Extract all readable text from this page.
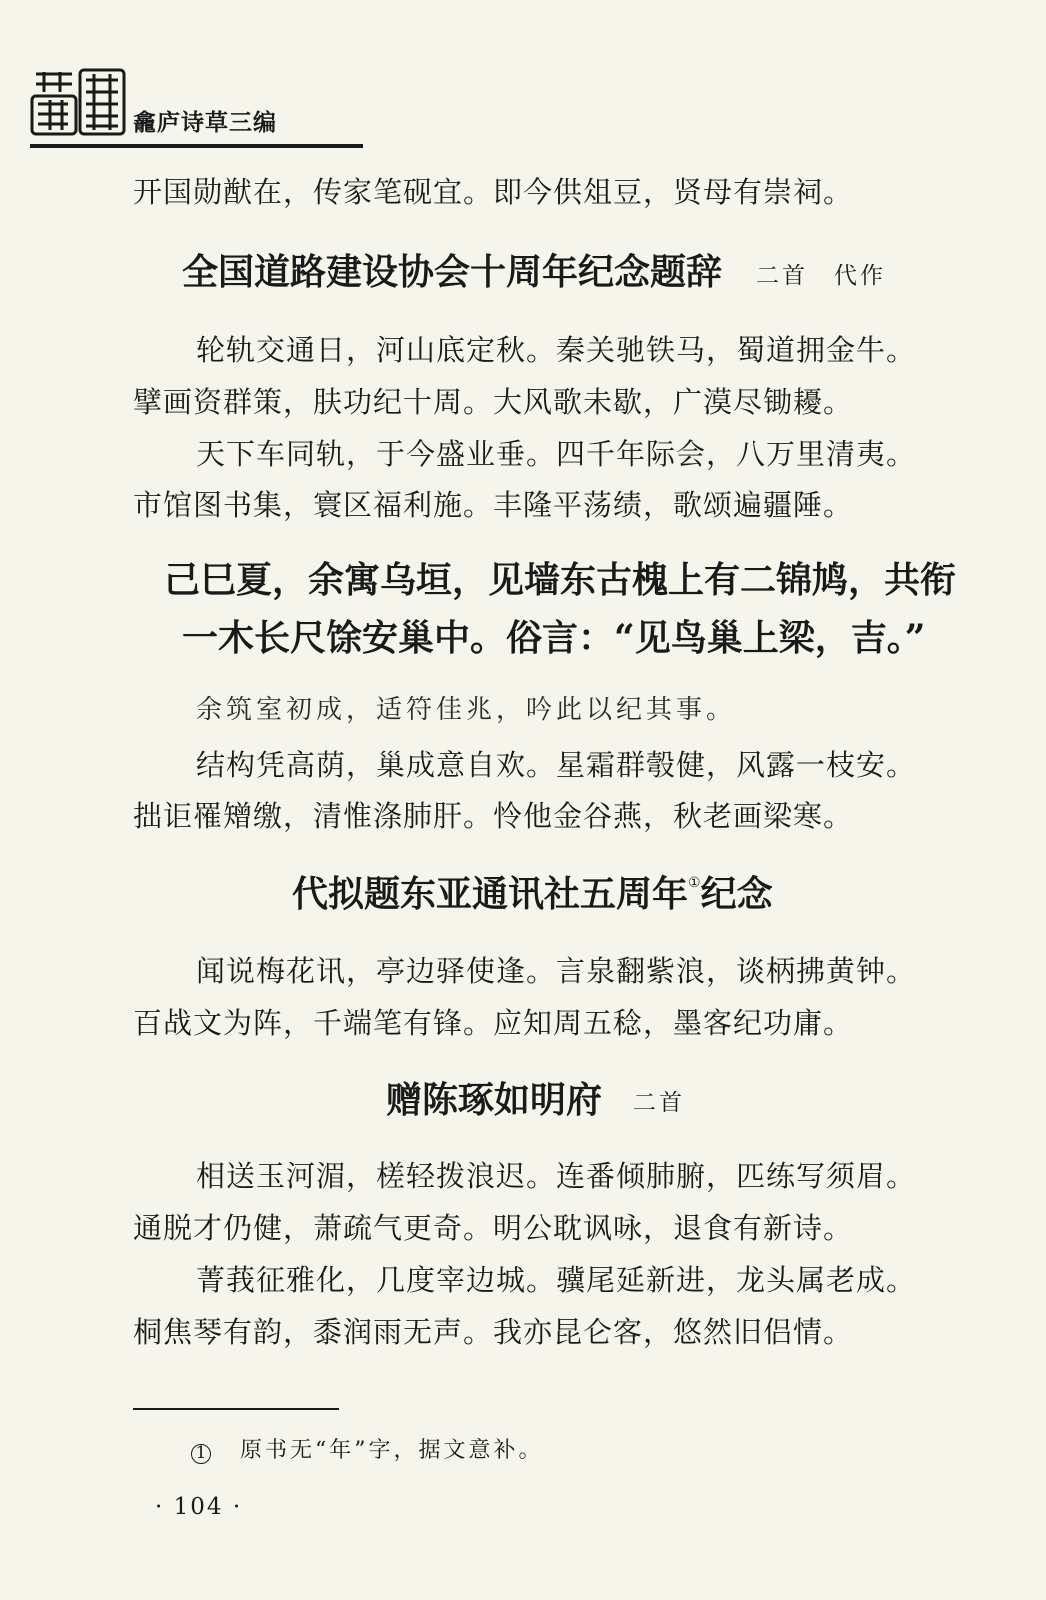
龕庐诗草三编
开国勋猷在，传家笔砚宜。即今供俎豆，贤母有崇祠。
全国道路建设协会十周年纪念题辞 二首　代作
轮轨交通日，河山底定秋。秦关驰铁马，蜀道拥金牛。
擘画资群策，肤功纪十周。大风歌未歇，广漠尽锄耰。
天下车同轨，于今盛业垂。四千年际会，八万里清夷。
市馆图书集，寰区福利施。丰隆平荡绩，歌颂遍疆陲。
己巳夏，余寓乌垣，见墙东古槐上有二锦鸠，共衔
一木长尺馀安巢中。俗言：“见鸟巢上梁，吉。”
余筑室初成，适符佳兆，吟此以纪其事。
结构凭高荫，巢成意自欢。星霜群彀健，风露一枝安。
拙讵罹矰缴，清惟涤肺肝。怜他金谷燕，秋老画梁寒。
代拟题东亚通讯社五周年①纪念
闻说梅花讯，亭边驿使逢。言泉翻紫浪，谈柄拂黄钟。
百战文为阵，千端笔有锋。应知周五稔，墨客纪功庸。
赠陈琢如明府 二首
相送玉河湄，槎轻拨浪迟。连番倾肺腑，匹练写须眉。
通脱才仍健，萧疏气更奇。明公耽讽咏，退食有新诗。
菁莪征雅化，几度宰边城。骥尾延新进，龙头属老成。
桐焦琴有韵，黍润雨无声。我亦昆仑客，悠然旧侣情。
1 原书无“年”字，据文意补。
· 104 ·
